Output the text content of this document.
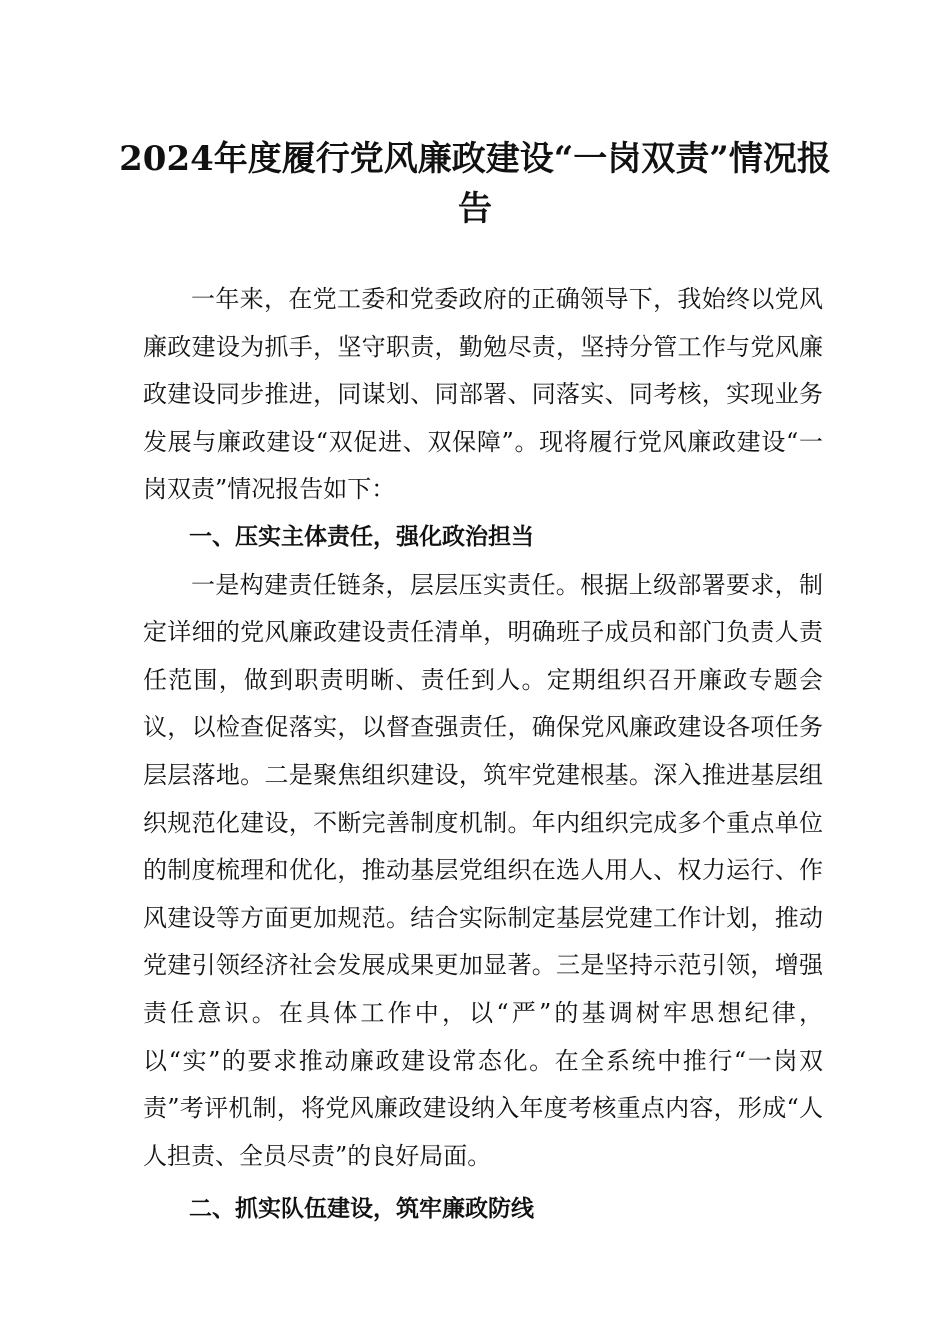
2024年度履行党风廉政建设“一岗双责”情况报告

一年来，在党工委和党委政府的正确领导下，我始终以党风廉政建设为抓手，坚守职责，勤勉尽责，坚持分管工作与党风廉政建设同步推进，同谋划、同部署、同落实、同考核，实现业务发展与廉政建设“双促进、双保障”。现将履行党风廉政建设“一岗双责”情况报告如下：

一、压实主体责任，强化政治担当

一是构建责任链条，层层压实责任。根据上级部署要求，制定详细的党风廉政建设责任清单，明确班子成员和部门负责人责任范围，做到职责明晰、责任到人。定期组织召开廉政专题会议，以检查促落实，以督查强责任，确保党风廉政建设各项任务层层落地。二是聚焦组织建设，筑牢党建根基。深入推进基层组织规范化建设，不断完善制度机制。年内组织完成多个重点单位的制度梳理和优化，推动基层党组织在选人用人、权力运行、作风建设等方面更加规范。结合实际制定基层党建工作计划，推动党建引领经济社会发展成果更加显著。三是坚持示范引领，增强责任意识。在具体工作中，以“严”的基调树牢思想纪律，以“实”的要求推动廉政建设常态化。在全系统中推行“一岗双责”考评机制，将党风廉政建设纳入年度考核重点内容，形成“人人担责、全员尽责”的良好局面。

二、抓实队伍建设，筑牢廉政防线
